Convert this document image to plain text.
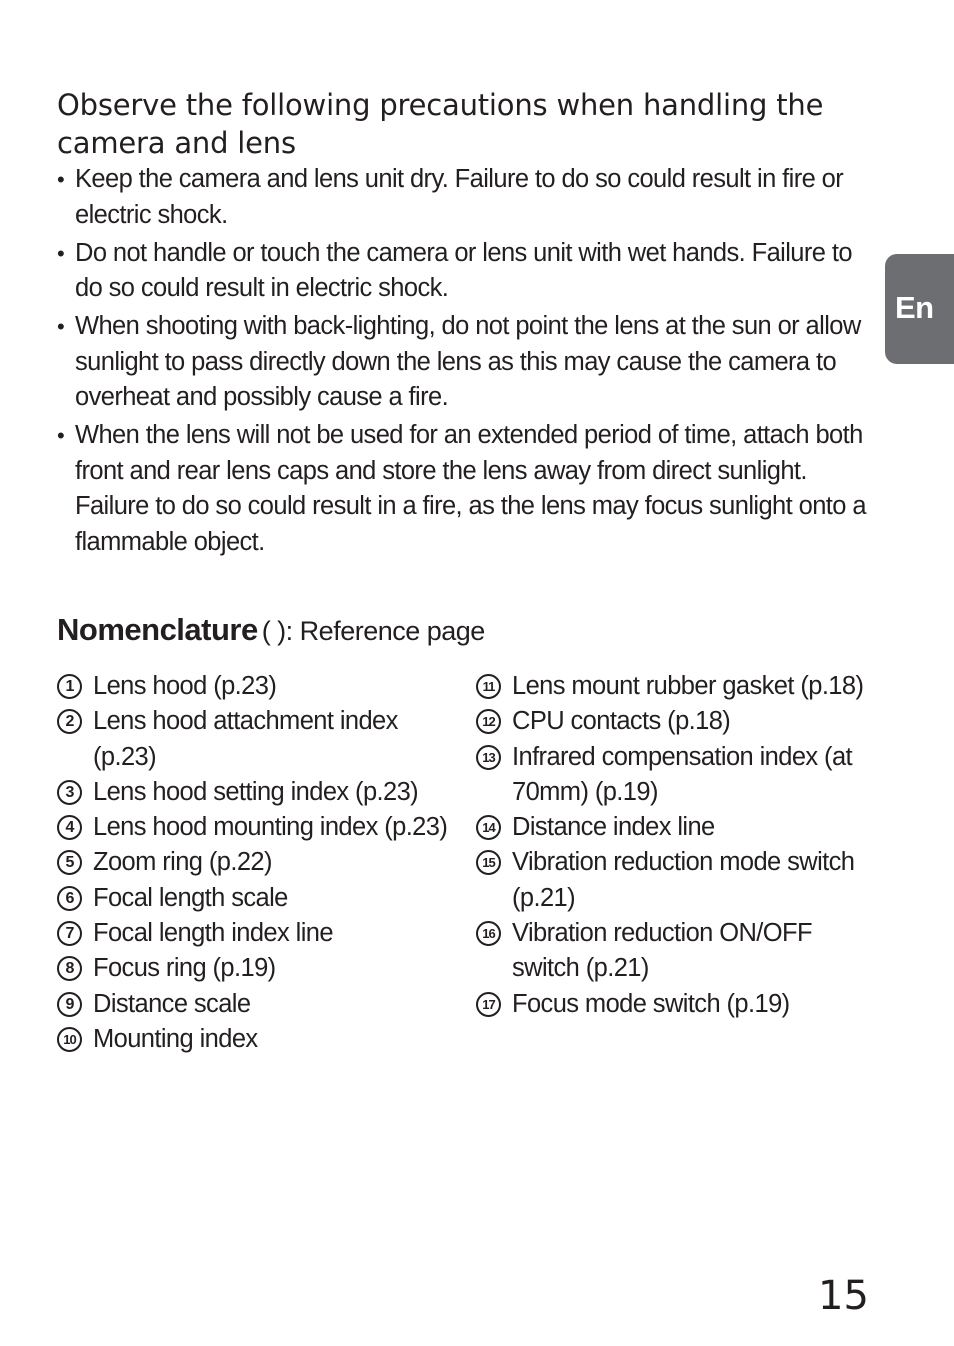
Observe the following precautions when handling the camera and lens
• Keep the camera and lens unit dry. Failure to do so could result in fire or electric shock.
• Do not handle or touch the camera or lens unit with wet hands. Failure to do so could result in electric shock.
• When shooting with back-lighting, do not point the lens at the sun or allow sunlight to pass directly down the lens as this may cause the camera to overheat and possibly cause a fire.
• When the lens will not be used for an extended period of time, attach both front and rear lens caps and store the lens away from direct sunlight. Failure to do so could result in a fire, as the lens may focus sunlight onto a flammable object.
Nomenclature ( ): Reference page
1 Lens hood (p.23)
2 Lens hood attachment index (p.23)
3 Lens hood setting index (p.23)
4 Lens hood mounting index (p.23)
5 Zoom ring (p.22)
6 Focal length scale
7 Focal length index line
8 Focus ring (p.19)
9 Distance scale
10 Mounting index
11 Lens mount rubber gasket (p.18)
12 CPU contacts (p.18)
13 Infrared compensation index (at 70mm) (p.19)
14 Distance index line
15 Vibration reduction mode switch (p.21)
16 Vibration reduction ON/OFF switch (p.21)
17 Focus mode switch (p.19)
En
15
